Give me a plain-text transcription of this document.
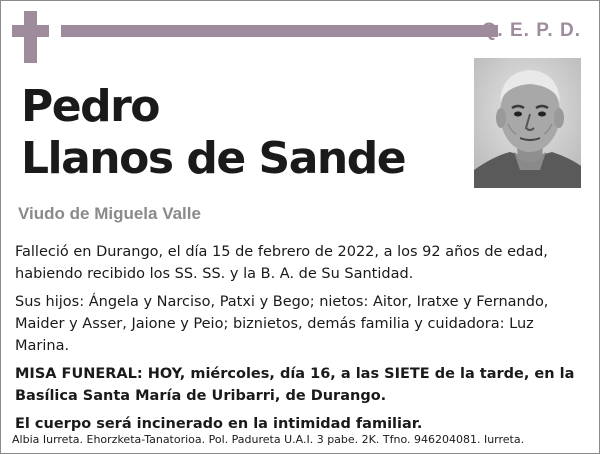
Q. E. P. D.
Pedro
Llanos de Sande
Viudo de Miguela Valle

Falleció en Durango, el día 15 de febrero de 2022, a los 92 años de edad, habiendo recibido los SS. SS. y la B. A. de Su Santidad.

Sus hijos: Ángela y Narciso, Patxi y Bego; nietos: Aitor, Iratxe y Fernando, Maider y Asser, Jaione y Peio; biznietos, demás familia y cuidadora: Luz Marina.

MISA FUNERAL: HOY, miércoles, día 16, a las SIETE de la tarde, en la Basílica Santa María de Uribarri, de Durango.

El cuerpo será incinerado en la intimidad familiar.

Albia Iurreta. Ehorzketa-Tanatorioa. Pol. Padureta U.A.I. 3 pabe. 2K. Tfno. 946204081. Iurreta.
